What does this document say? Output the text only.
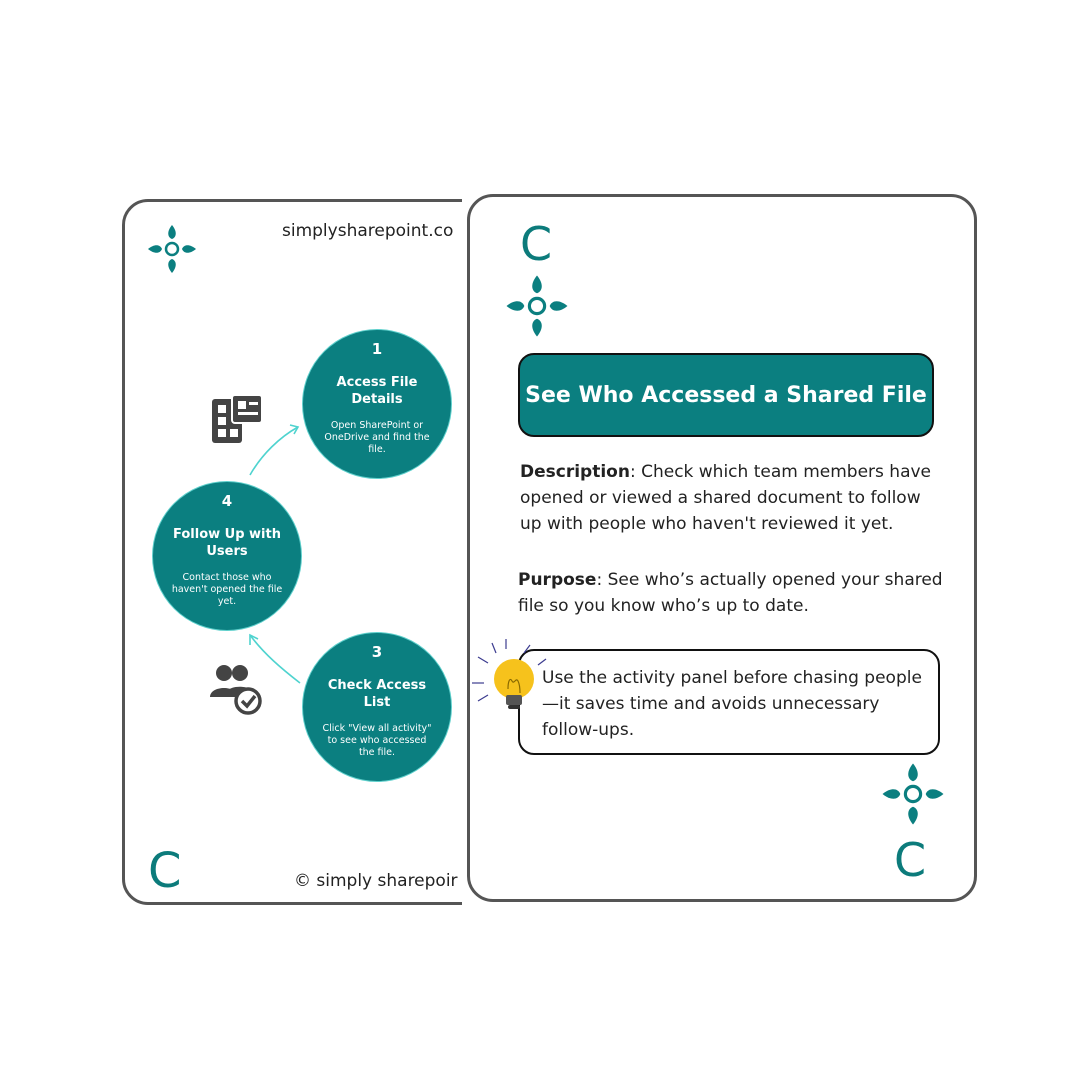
simplysharepoint.co
1
Access File Details
Open SharePoint or OneDrive and find the file.
4
Follow Up with Users
Contact those who haven't opened the file yet.
3
Check Access List
Click "View all activity" to see who accessed the file.
C	© simply sharepoir
C
See Who Accessed a Shared File
Description: Check which team members have opened or viewed a shared document to follow up with people who haven't reviewed it yet.
Purpose: See who’s actually opened your shared file so you know who’s up to date.
Use the activity panel before chasing people—it saves time and avoids unnecessary follow-ups.
C
